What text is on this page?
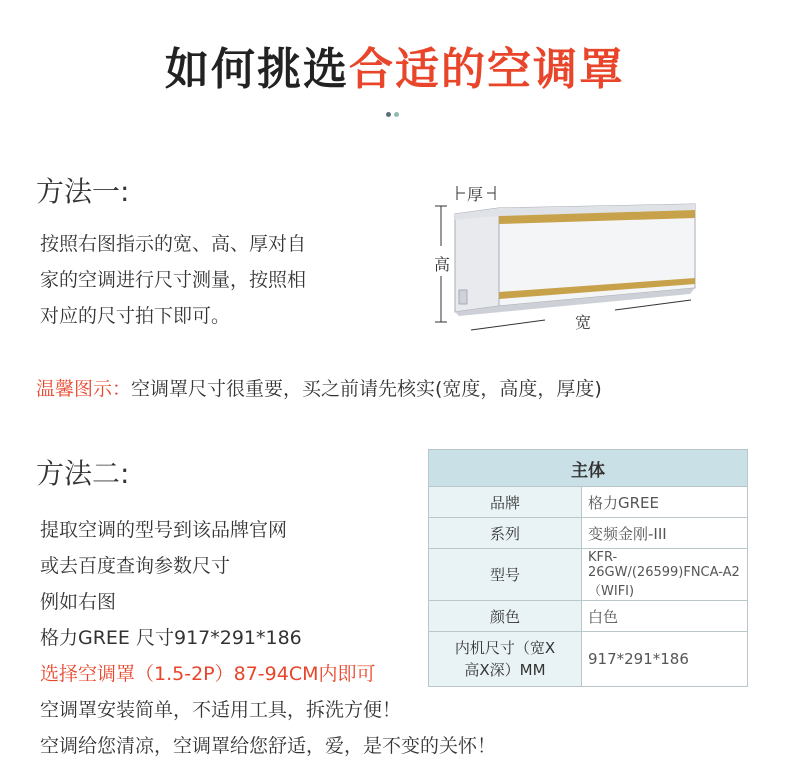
如何挑选合适的空调罩
方法一:
按照右图指示的宽、高、厚对自
家的空调进行尺寸测量，按照相
对应的尺寸拍下即可。
厚
高
宽
温馨图示：空调罩尺寸很重要，买之前请先核实(宽度，高度，厚度)
方法二:
提取空调的型号到该品牌官网
或去百度查询参数尺寸
例如右图
格力GREE 尺寸917*291*186
选择空调罩（1.5-2P）87-94CM内即可
空调罩安装简单，不适用工具，拆洗方便！
空调给您清凉，空调罩给您舒适，爱，是不变的关怀！
主体	
品牌	格力GREE
系列	变频金刚-III
型号	KFR-26GW/(26599)FNCA-A2（WIFI)
颜色	白色

内机尺寸（宽X
高X深）MM	917*291*186
